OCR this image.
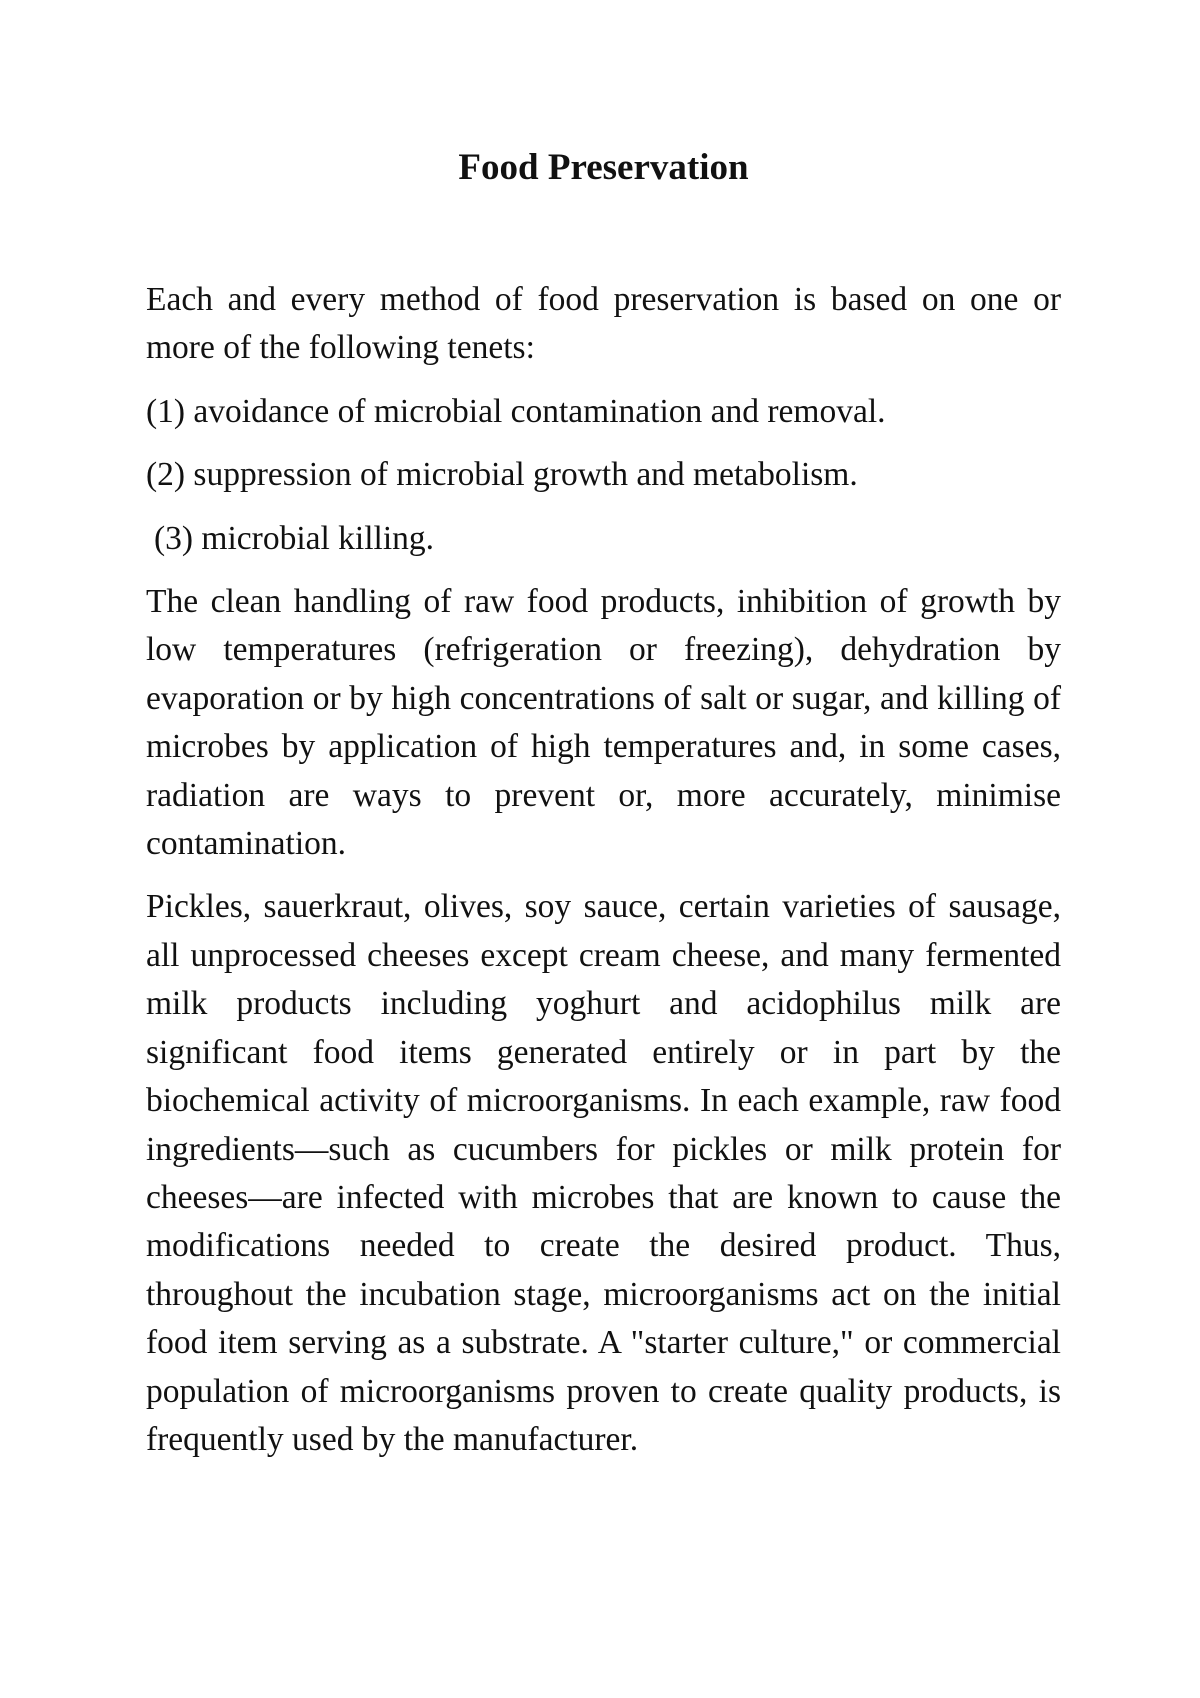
Food Preservation

Each and every method of food preservation is based on one or more of the following tenets:

(1) avoidance of microbial contamination and removal.

(2) suppression of microbial growth and metabolism.

(3) microbial killing.

The clean handling of raw food products, inhibition of growth by low temperatures (refrigeration or freezing), dehydration by evaporation or by high concentrations of salt or sugar, and killing of microbes by application of high temperatures and, in some cases, radiation are ways to prevent or, more accurately, minimise contamination.

Pickles, sauerkraut, olives, soy sauce, certain varieties of sausage, all unprocessed cheeses except cream cheese, and many fermented milk products including yoghurt and acidophilus milk are significant food items generated entirely or in part by the biochemical activity of microorganisms. In each example, raw food ingredients—such as cucumbers for pickles or milk protein for cheeses—are infected with microbes that are known to cause the modifications needed to create the desired product. Thus, throughout the incubation stage, microorganisms act on the initial food item serving as a substrate. A "starter culture," or commercial population of microorganisms proven to create quality products, is frequently used by the manufacturer.
